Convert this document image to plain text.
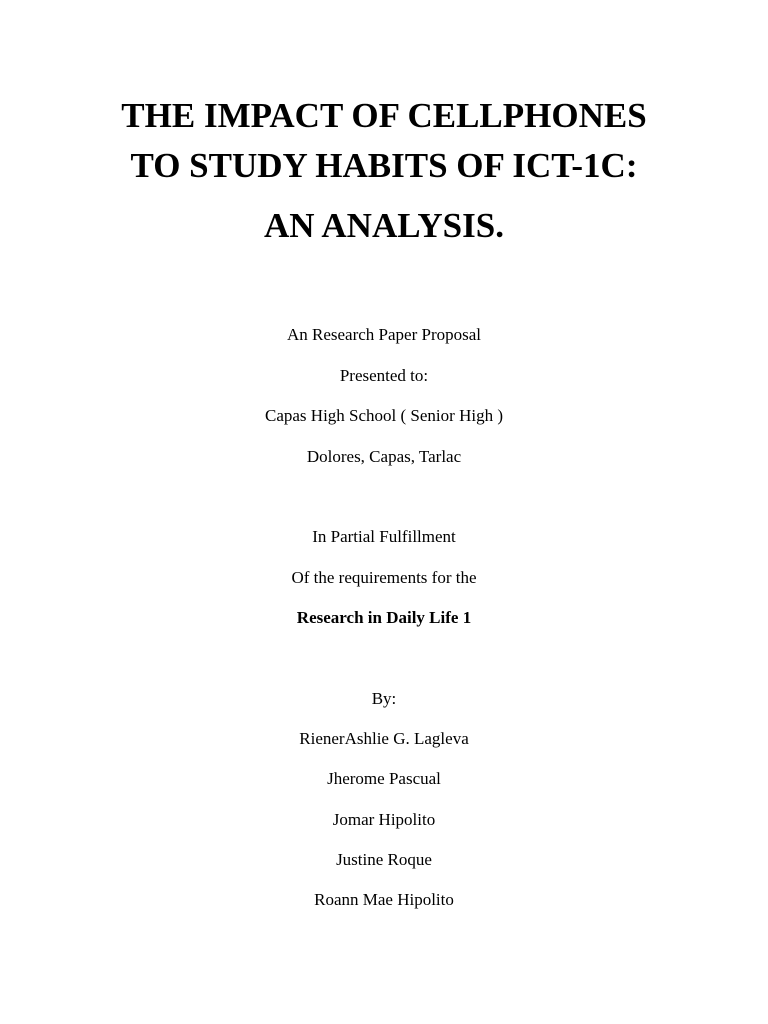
THE IMPACT OF CELLPHONES
TO STUDY HABITS OF ICT-1C:
AN ANALYSIS.

An Research Paper Proposal

Presented to:

Capas High School ( Senior High )

Dolores, Capas, Tarlac

In Partial Fulfillment

Of the requirements for the

Research in Daily Life 1

By:

RienerAshlie G. Lagleva

Jherome Pascual

Jomar Hipolito

Justine Roque

Roann Mae Hipolito
